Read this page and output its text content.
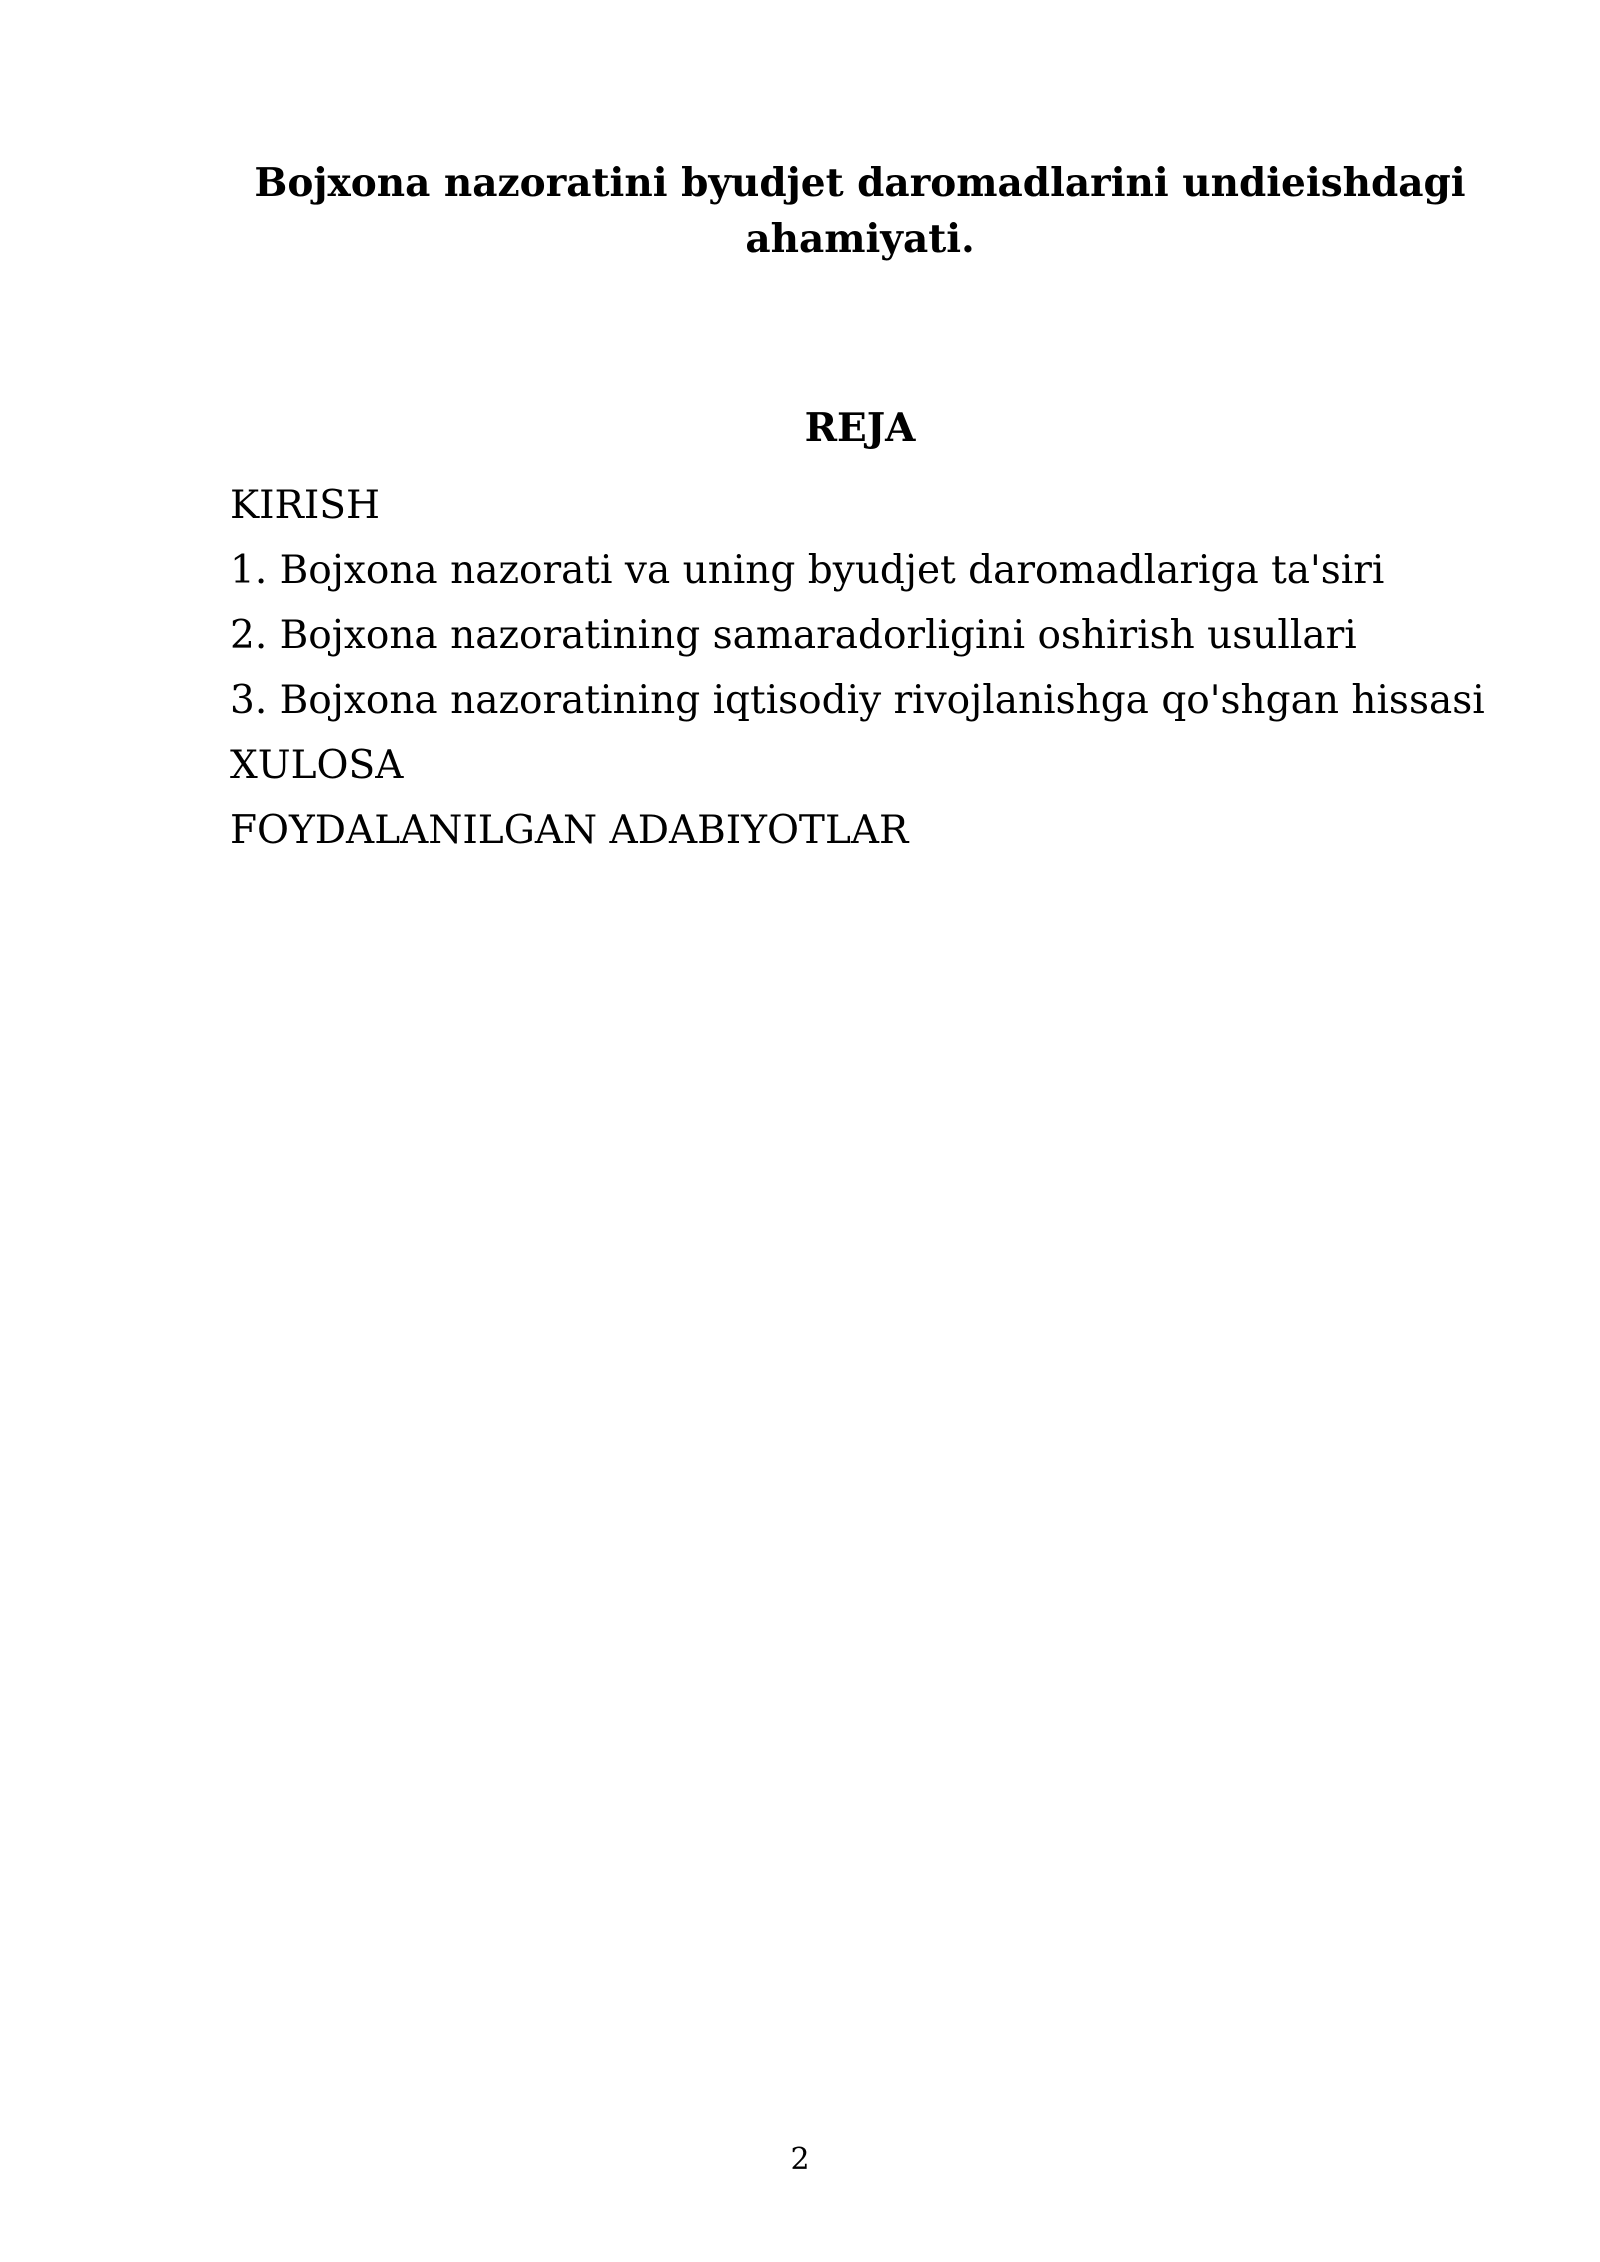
Bojxona nazoratini byudjet daromadlarini undieishdagi ahamiyati.
REJA
KIRISH
1. Bojxona nazorati va uning byudjet daromadlariga ta'siri
2. Bojxona nazoratining samaradorligini oshirish usullari
3. Bojxona nazoratining iqtisodiy rivojlanishga qo'shgan hissasi
XULOSA
FOYDALANILGAN ADABIYOTLAR
2
